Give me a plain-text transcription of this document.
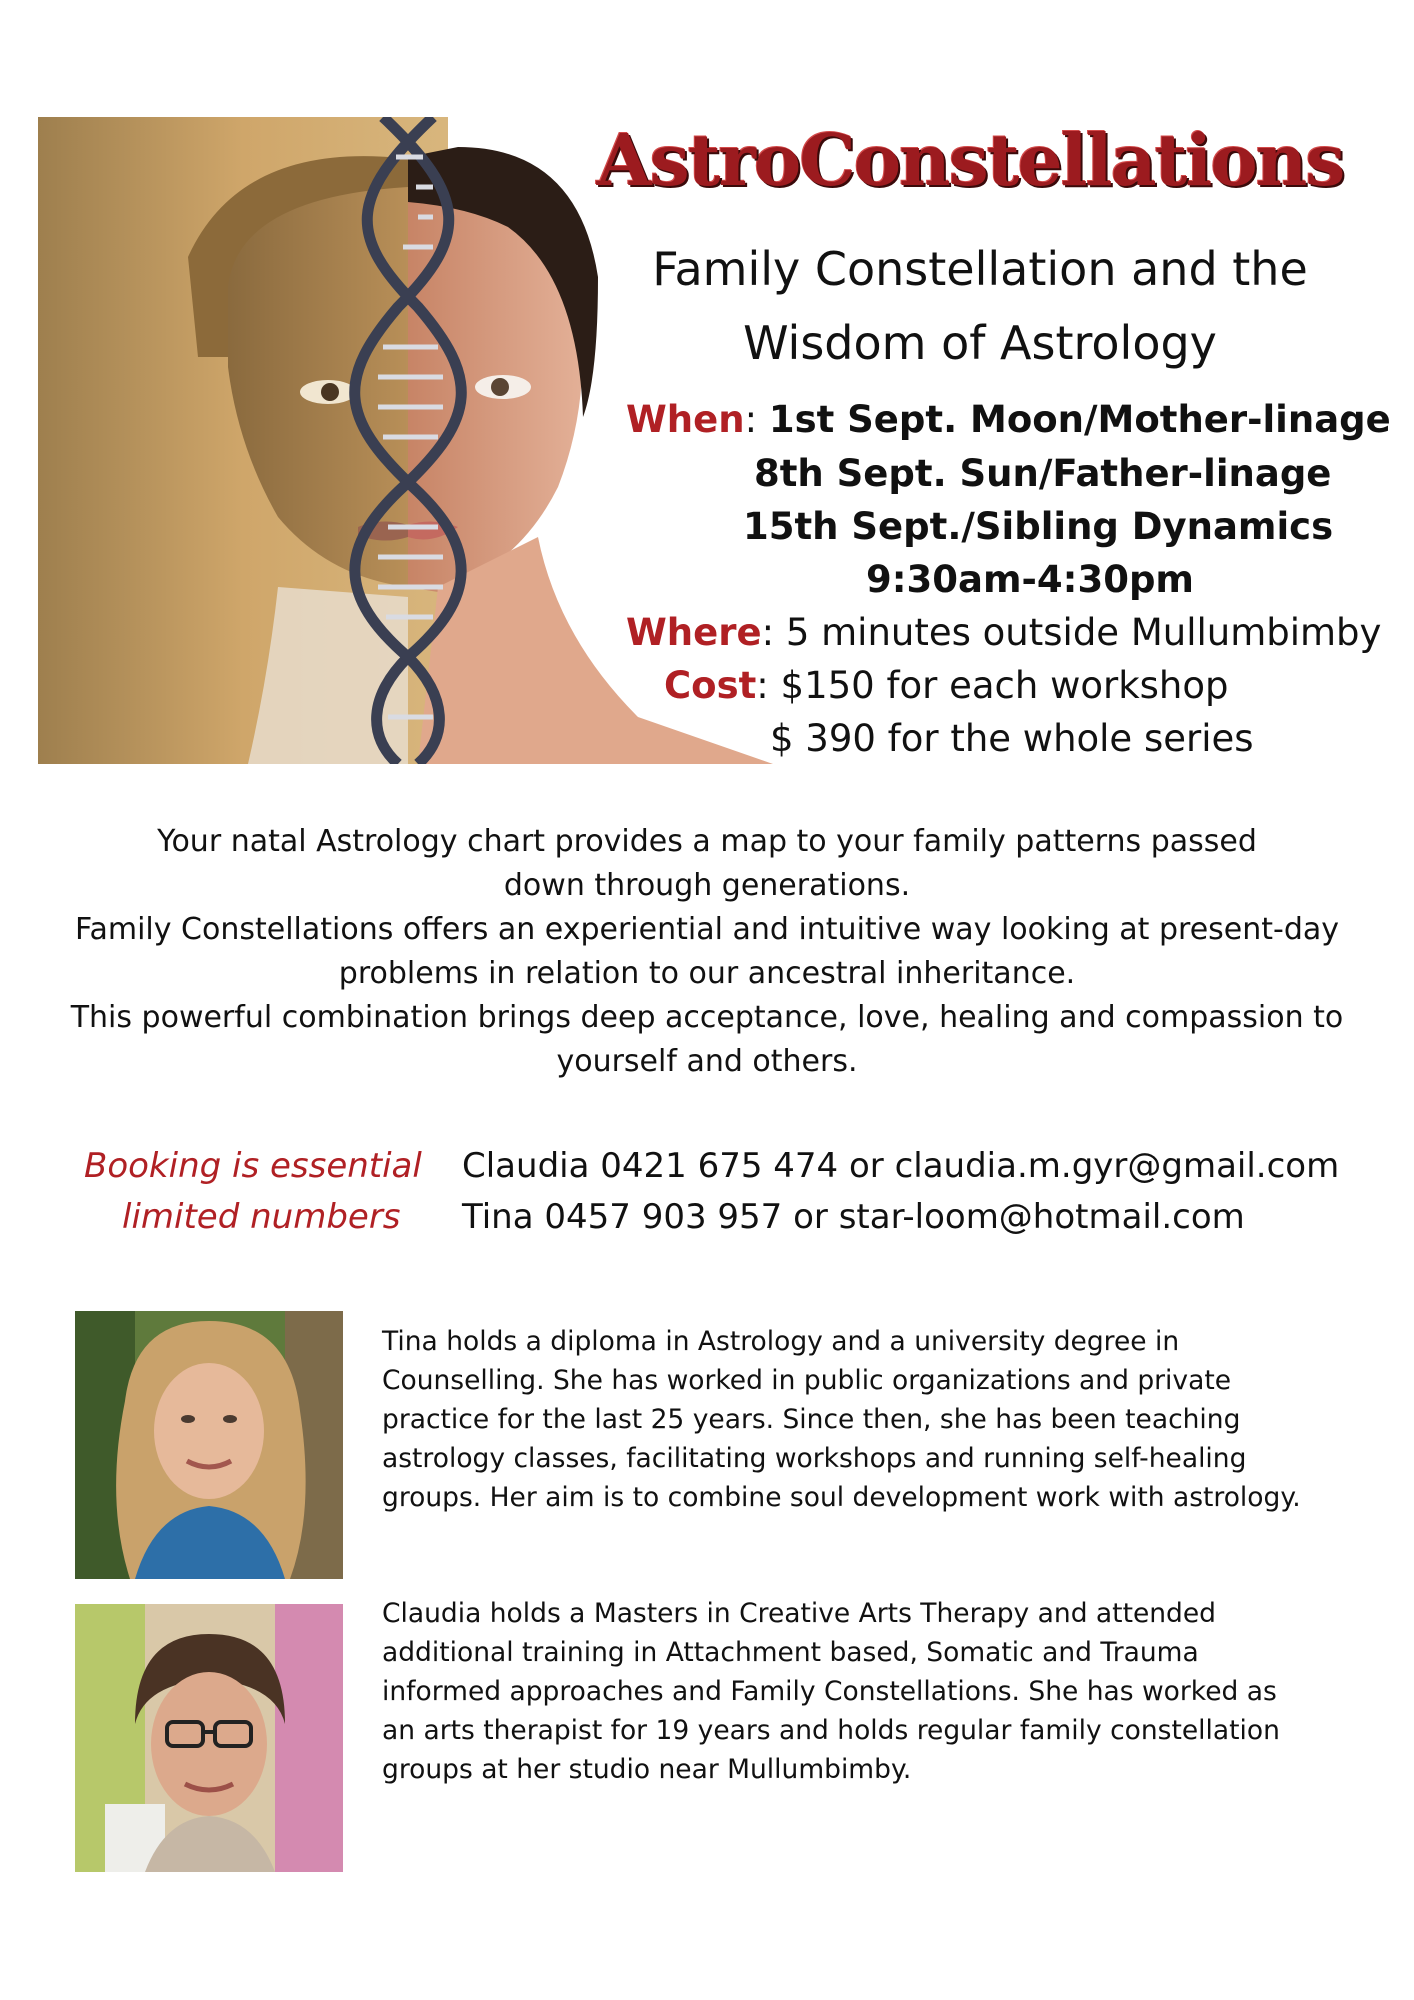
AstroConstellations
Family Constellation and the
Wisdom of Astrology
When: 1st Sept. Moon/Mother-linage
8th Sept. Sun/Father-linage
15th Sept./Sibling Dynamics
9:30am-4:30pm
Where: 5 minutes outside Mullumbimby
Cost: $150 for each workshop
$ 390 for the whole series

Your natal Astrology chart provides a map to your family patterns passed

down through generations.

Family Constellations offers an experiential and intuitive way looking at present-day

problems in relation to our ancestral inheritance.

This powerful combination brings deep acceptance, love, healing and compassion to

yourself and others.

Booking is essential
limited numbers
Claudia 0421 675 474 or claudia.m.gyr@gmail.com
Tina 0457 903 957 or star-loom@hotmail.com
Tina holds a diploma in Astrology and a university degree in
Counselling. She has worked in public organizations and private
practice for the last 25 years. Since then, she has been teaching
astrology classes, facilitating workshops and running self-healing
groups. Her aim is to combine soul development work with astrology.
Claudia holds a Masters in Creative Arts Therapy and attended
additional training in Attachment based, Somatic and Trauma
informed approaches and Family Constellations. She has worked as
an arts therapist for 19 years and holds regular family constellation
groups at her studio near Mullumbimby.
